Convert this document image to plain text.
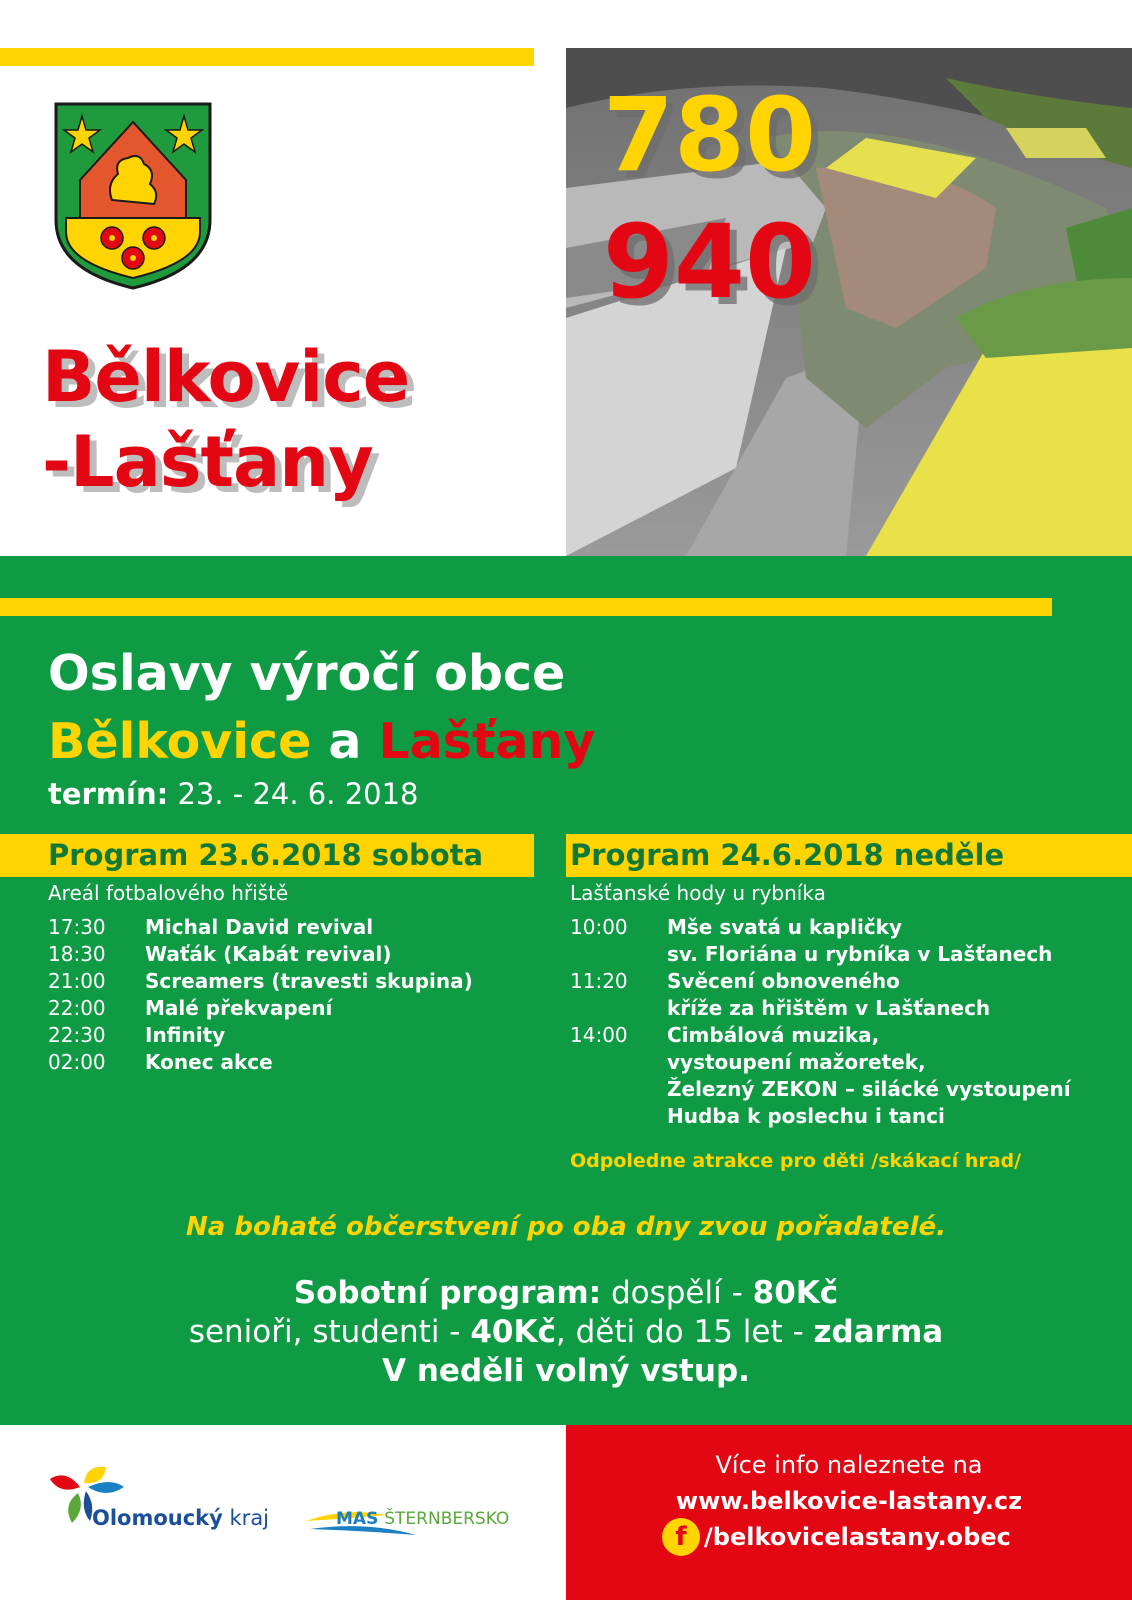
Bělkovice
-Lašťany
780
940
Oslavy výročí obce
Bělkovice a Lašťany
termín: 23. - 24. 6. 2018
Program 23.6.2018 sobota	Program 24.6.2018 neděle
Areál fotbalového hřiště	Lašťanské hody u rybníka
17:30	Michal David revival
18:30	Waťák (Kabát revival)
21:00	Screamers (travesti skupina)
22:00	Malé překvapení
22:30	Infinity
02:00	Konec akce
10:00	Mše svatá u kapličky
sv. Floriána u rybníka v Lašťanech
11:20	Svěcení obnoveného
kříže za hřištěm v Lašťanech
14:00	Cimbálová muzika,
vystoupení mažoretek,
Železný ZEKON – silácké vystoupení
Hudba k poslechu i tanci
Odpoledne atrakce pro děti /skákací hrad/
Na bohaté občerstvení po oba dny zvou pořadatelé.
Sobotní program: dospělí - 80Kč
senioři, studenti - 40Kč, děti do 15 let - zdarma
V neděli volný vstup.
Olomoucký kraj	MAS ŠTERNBERSKO
Více info naleznete na
www.belkovice-lastany.cz
f /belkovicelastany.obec
